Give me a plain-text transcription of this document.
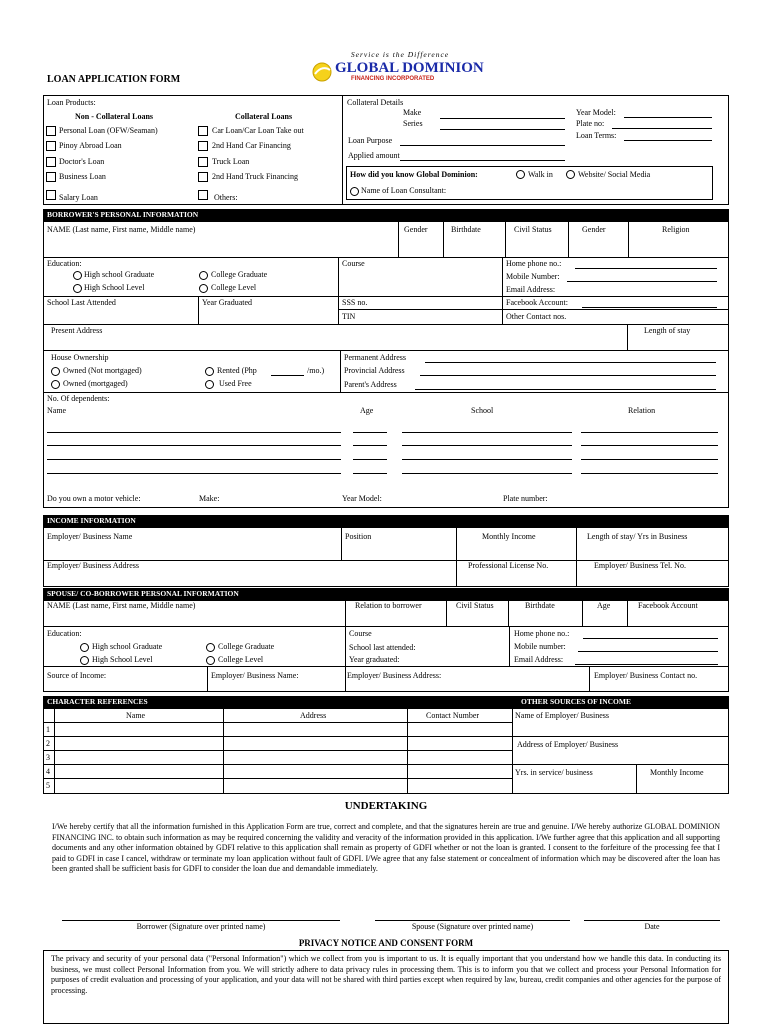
Service is the Difference
GLOBAL DOMINION
FINANCING INCORPORATED
LOAN APPLICATION FORM
Loan Products:
Non - Collateral Loans	Collateral Loans
Personal Loan (OFW/Seaman)
Pinoy Abroad Loan
Doctor's Loan
Business Loan
Salary Loan
Car Loan/Car Loan Take out
2nd Hand Car Financing
Truck Loan
2nd Hand Truck Financing
Others:
Collateral Details
Make
Series
Year Model:
Plate no:
Loan Terms:
Loan Purpose
Applied amount
How did you know Global Dominion:	Walk in	Website/ Social Media
Name of Loan Consultant:
BORROWER'S PERSONAL INFORMATION
NAME (Last name, First name, Middle name)	Gender	Birthdate	Civil Status	Gender	Religion
Education:
High school Graduate
High School Level
College Graduate
College Level
Course	Home phone no.:
Mobile Number:
Email Address:
School Last Attended	Year Graduated	SSS no.
TIN
Facebook Account:
Other Contact nos.
Present Address	Length of stay
House Ownership
Owned (Not mortgaged)
Owned (mortgaged)
Rented (Php	/mo.)
Used Free
Permanent Address
Provincial Address
Parent's Address
No. Of dependents:
Name	Age	School	Relation
Do you own a motor vehicle:	Make:	Year Model:	Plate number:
INCOME INFORMATION
Employer/ Business Name	Position	Monthly Income	Length of stay/ Yrs in Business
Employer/ Business Address	Professional License No.	Employer/ Business Tel. No.
SPOUSE/ CO-BORROWER PERSONAL INFORMATION
NAME (Last name, First name, Middle name)	Relation to borrower	Civil Status	Birthdate	Age	Facebook Account
Education:
High school Graduate
High School Level
College Graduate
College Level
Course
School last attended:
Year graduated:
Home phone no.:
Mobile number:
Email Address:
Source of Income:	Employer/ Business Name:	Employer/ Business Address:	Employer/ Business Contact no.
CHARACTER REFERENCES	OTHER SOURCES OF INCOME
Name	Address	Contact Number
1
2
3
4
5
Name of Employer/ Business
Address of Employer/ Business
Yrs. in service/ business	Monthly Income
UNDERTAKING
I/We hereby certify that all the information furnished in this Application Form are true, correct and complete, and that the signatures herein are true and genuine. I/We hereby authorize GLOBAL DOMINION FINANCING INC. to obtain such information as may be required concerning the validity and veracity of the information provided in this application. I/We further agree that this application and all supporting documents and any other information obtained by GDFI relative to this application shall remain as property of GDFI whether or not the loan is granted. I consent to the forfeiture of the processing fee that I paid to GDFI in case I cancel, withdraw or terminate my loan application without fault of GDFI. I/We agree that any false statement or concealment of information which may be discovered after the loan has been granted shall be sufficient basis for GDFI to consider the loan due and demandable immediately.
Borrower (Signature over printed name)	Spouse (Signature over printed name)	Date
PRIVACY NOTICE AND CONSENT FORM
The privacy and security of your personal data ("Personal Information") which we collect from you is important to us. It is equally important that you understand how we handle this data. In conducting its business, we must collect Personal Information from you. We will strictly adhere to data privacy rules in processing them. This is to inform you that we collect and process your Personal Information for purposes of credit evaluation and processing of your application, and your data will not be shared with third parties except when required by law, bureau, credit companies and other agencies for the purpose of processing.
